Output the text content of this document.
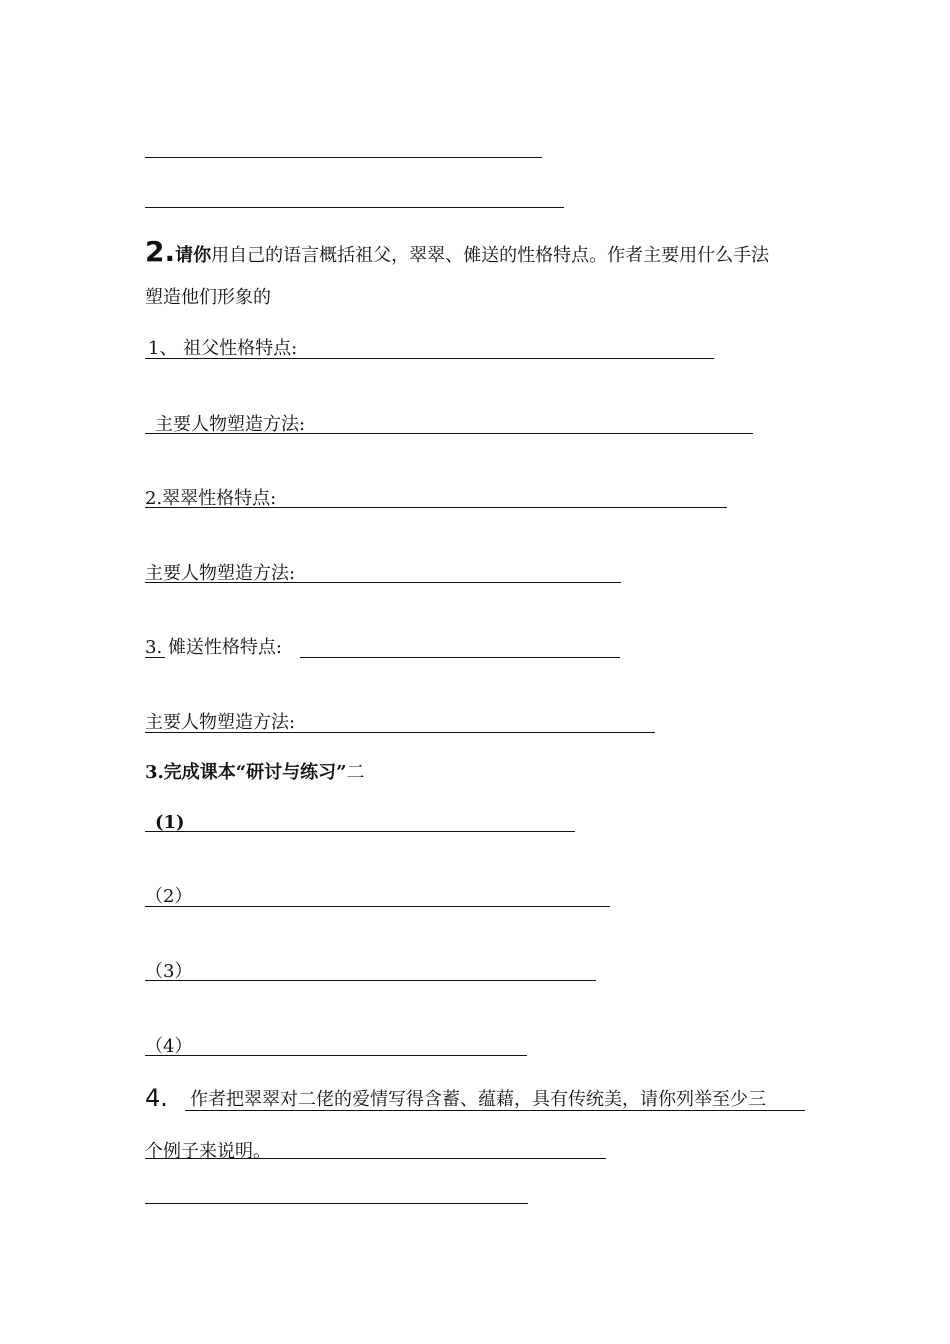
2.请你用自己的语言概括祖父，翠翠、傩送的性格特点。作者主要用什么手法
塑造他们形象的
1、 祖父性格特点:
主要人物塑造方法:
2.翠翠性格特点:
主要人物塑造方法:
3. 傩送性格特点:
主要人物塑造方法:
3.完成课本“研讨与练习”二
(1)
（2）
（3）
（4）
4. 作者把翠翠对二佬的爱情写得含蓄、蕴藉，具有传统美，请你列举至少三
个例子来说明。
